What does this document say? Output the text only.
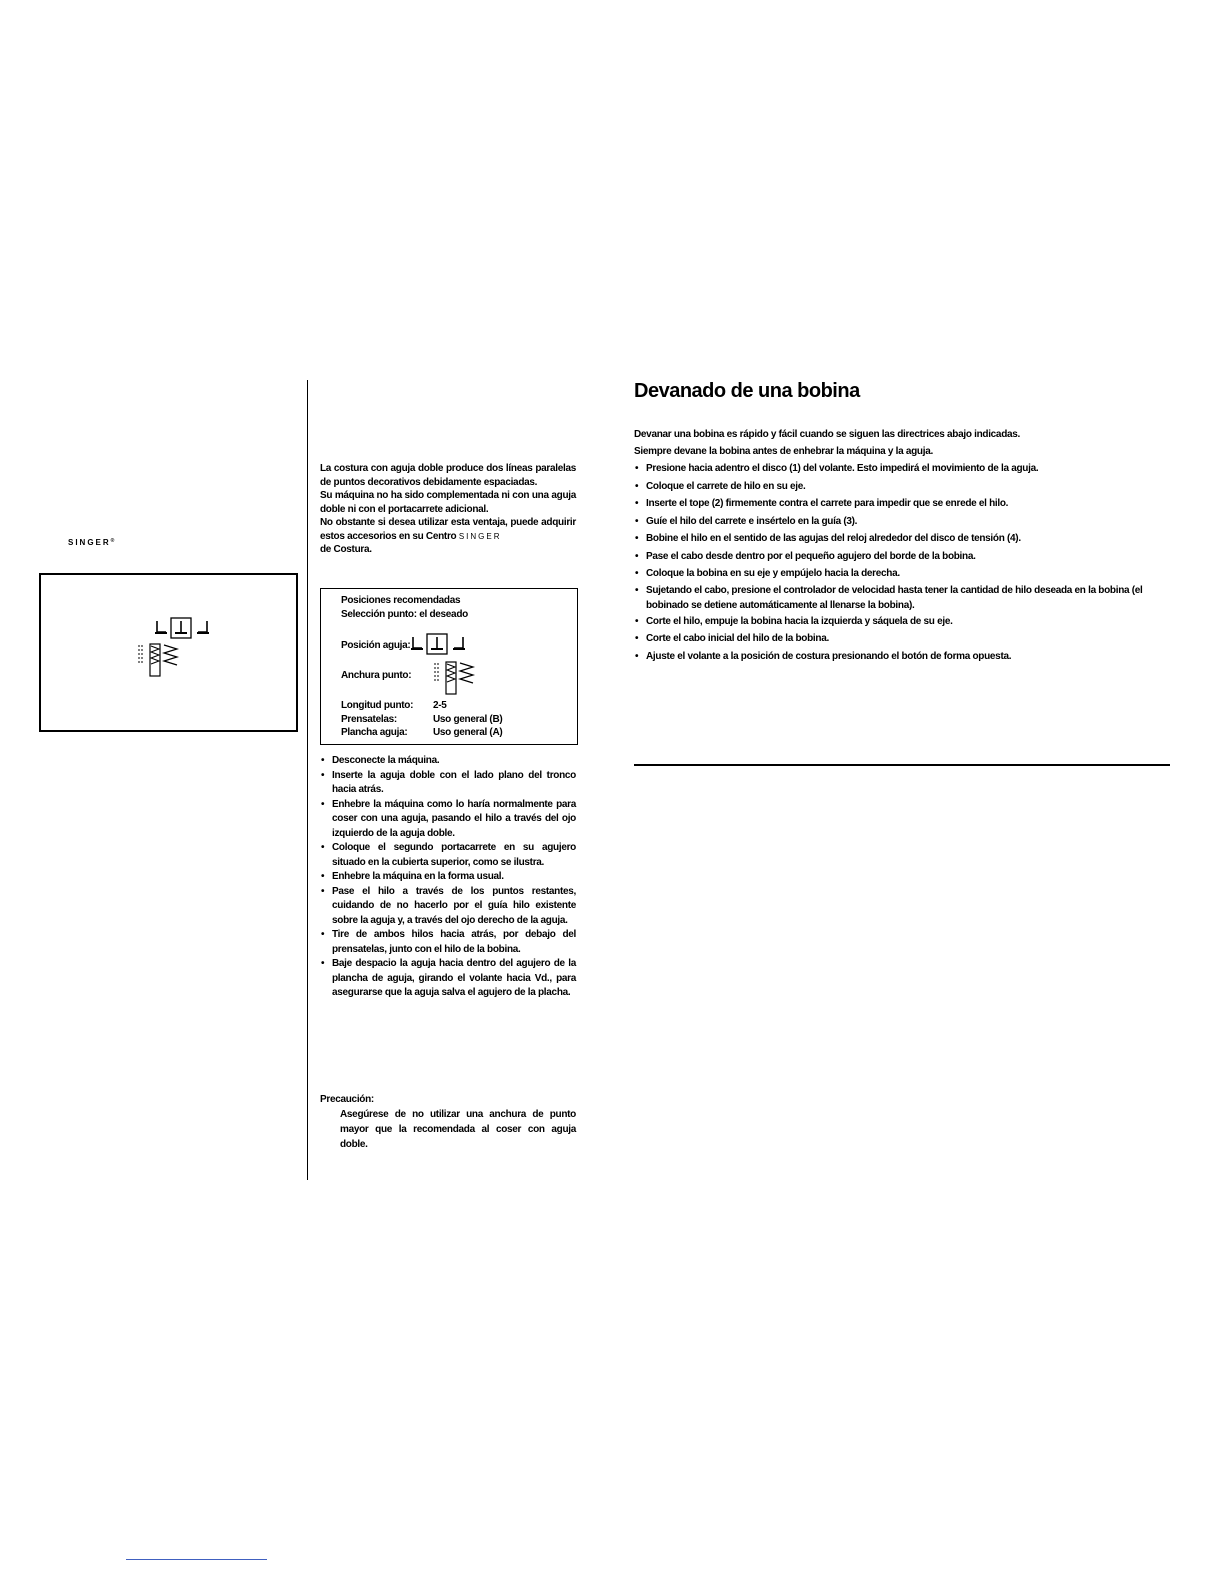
SINGER®
La costura con aguja doble produce dos líneas paralelas de puntos decorativos debidamente espaciadas.
Su máquina no ha sido complementada ni con una aguja doble ni con el portacarrete adicional.
No obstante si desea utilizar esta ventaja, puede adquirir estos accesorios en su Centro SINGER
de Costura.
Posiciones recomendadas
Selección punto: el deseado
Posición aguja:
Anchura punto:
Longitud punto:	2-5
Prensatelas:	Uso general (B)
Plancha aguja:	Uso general (A)
• Desconecte la máquina.
• Inserte la aguja doble con el lado plano del tronco hacia atrás.
• Enhebre la máquina como lo haría normalmente para coser con una aguja, pasando el hilo a través del ojo izquierdo de la aguja doble.
• Coloque el segundo portacarrete en su agujero situado en la cubierta superior, como se ilustra.
• Enhebre la máquina en la forma usual.
• Pase el hilo a través de los puntos restantes, cuidando de no hacerlo por el guía hilo existente sobre la aguja y, a través del ojo derecho de la aguja.
• Tire de ambos hilos hacia atrás, por debajo del prensatelas, junto con el hilo de la bobina.
• Baje despacio la aguja hacia dentro del agujero de la plancha de aguja, girando el volante hacia Vd., para asegurarse que la aguja salva el agujero de la placha.
Precaución:
Asegúrese de no utilizar una anchura de punto mayor que la recomendada al coser con aguja doble.
Devanado de una bobina
Devanar una bobina es rápido y fácil cuando se siguen las directrices abajo indicadas.
Siempre devane la bobina antes de enhebrar la máquina y la aguja.
• Presione hacia adentro el disco (1) del volante. Esto impedirá el movimiento de la aguja.
• Coloque el carrete de hilo en su eje.
• Inserte el tope (2) firmemente contra el carrete para impedir que se enrede el hilo.
• Guíe el hilo del carrete e insértelo en la guía (3).
• Bobine el hilo en el sentido de las agujas del reloj alrededor del disco de tensión (4).
• Pase el cabo desde dentro por el pequeño agujero del borde de la bobina.
• Coloque la bobina en su eje y empújelo hacia la derecha.
• Sujetando el cabo, presione el controlador de velocidad hasta tener la cantidad de hilo deseada en la bobina (el bobinado se detiene automáticamente al llenarse la bobina).
• Corte el hilo, empuje la bobina hacia la izquierda y sáquela de su eje.
• Corte el cabo inicial del hilo de la bobina.
• Ajuste el volante a la posición de costura presionando el botón de forma opuesta.
